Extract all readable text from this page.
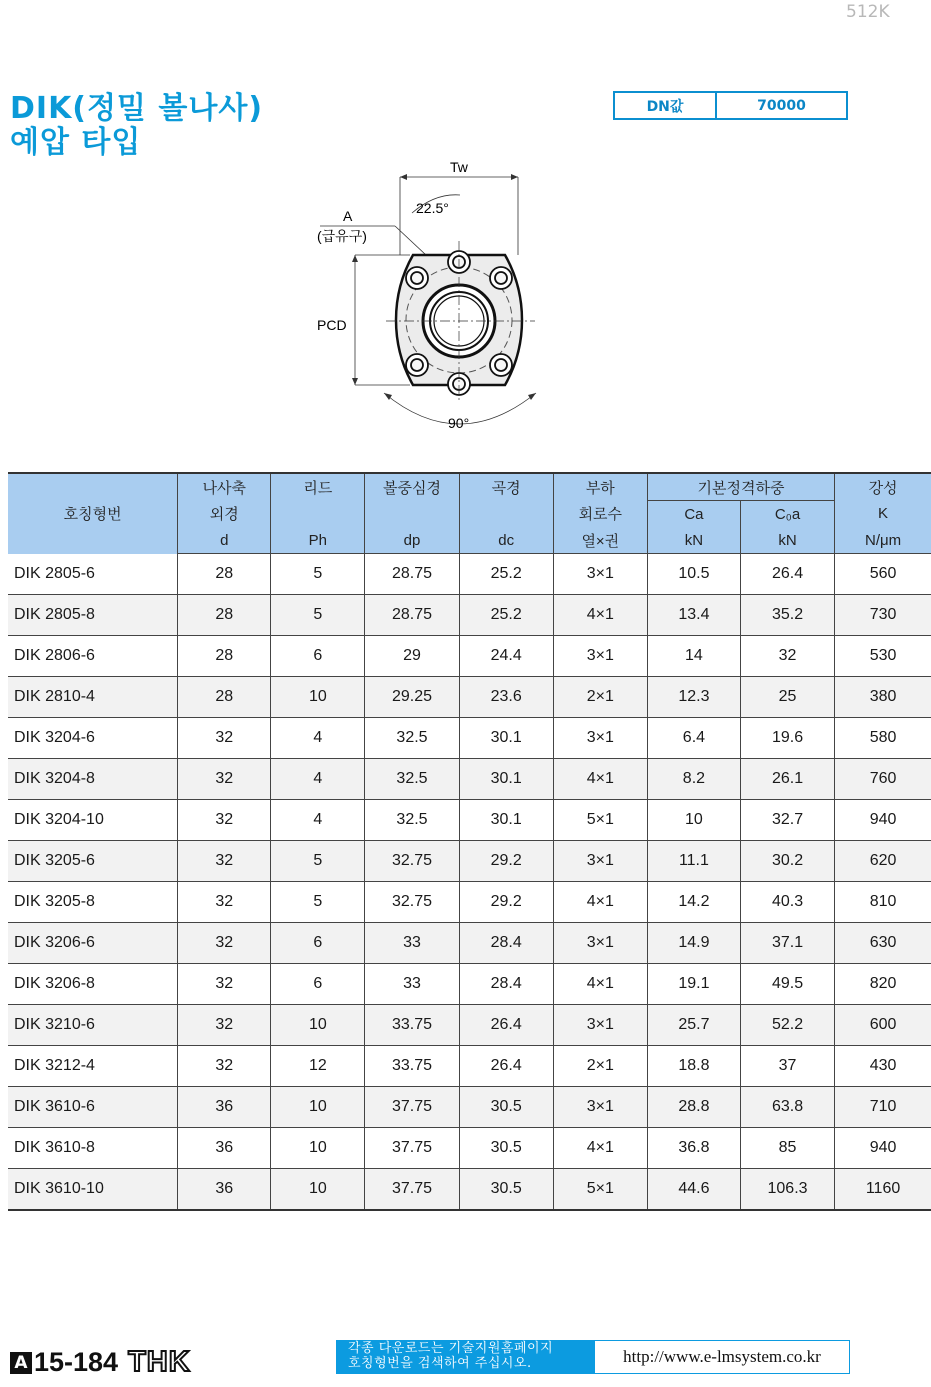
512K
DIK(정밀 볼나사)
예압 타입
DN값	70000
Tw
22.5°
A
(급유구)
PCD
90°
호칭형번	나사축	리드	볼중심경	곡경	부하	기본정격하중		강성
	외경				회로수	Ca	C₀a	K
	d	Ph	dp	dc	열×권	kN	kN	N/μm
DIK 2805-6	28	5	28.75	25.2	3×1	10.5	26.4	560
DIK 2805-8	28	5	28.75	25.2	4×1	13.4	35.2	730
DIK 2806-6	28	6	29	24.4	3×1	14	32	530
DIK 2810-4	28	10	29.25	23.6	2×1	12.3	25	380
DIK 3204-6	32	4	32.5	30.1	3×1	6.4	19.6	580
DIK 3204-8	32	4	32.5	30.1	4×1	8.2	26.1	760
DIK 3204-10	32	4	32.5	30.1	5×1	10	32.7	940
DIK 3205-6	32	5	32.75	29.2	3×1	11.1	30.2	620
DIK 3205-8	32	5	32.75	29.2	4×1	14.2	40.3	810
DIK 3206-6	32	6	33	28.4	3×1	14.9	37.1	630
DIK 3206-8	32	6	33	28.4	4×1	19.1	49.5	820
DIK 3210-6	32	10	33.75	26.4	3×1	25.7	52.2	600
DIK 3212-4	32	12	33.75	26.4	2×1	18.8	37	430
DIK 3610-6	36	10	37.75	30.5	3×1	28.8	63.8	710
DIK 3610-8	36	10	37.75	30.5	4×1	36.8	85	940
DIK 3610-10	36	10	37.75	30.5	5×1	44.6	106.3	1160
A 15-184 THK	각종 다운로드는 기술지원홈페이지
호칭형번을 검색하여 주십시오.	http://www.e-lmsystem.co.kr
